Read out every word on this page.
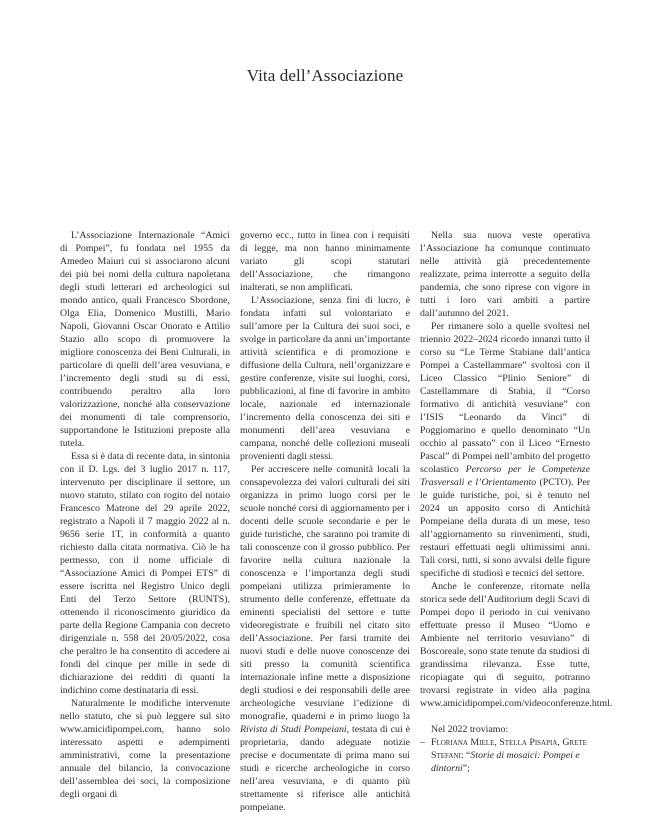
Vita dell’Associazione

L’Associazione Internazionale “Amici di Pompei”, fu fondata nel 1955 da Amedeo Maiuri cui si associarono alcuni dei più bei nomi della cultura napoletana degli studi letterari ed archeologici sul mondo antico, quali Francesco Sbordone, Olga Elia, Domenico Mustilli, Mario Napoli, Giovanni Oscar Onorato e Attilio Stazio allo scopo di promuovere la migliore conoscenza dei Beni Culturali, in particolare di quelli dell’area vesuviana, e l’incremento degli studi su di essi, contribuendo peraltro alla loro valorizzazione, nonché alla conservazione dei monumenti di tale comprensorio, supportandone le Istituzioni preposte alla tutela.

Essa si è data di recente data, in sintonia con il D. Lgs. del 3 luglio 2017 n. 117, intervenuto per disciplinare il settore, un nuovo statuto, stilato con rogito del notaio Francesco Matrone del 29 aprile 2022, registrato a Napoli il 7 maggio 2022 al n. 9656 serie 1T, in conformità a quanto richiesto dalla citata normativa. Ciò le ha permesso, con il nome ufficiale di “Associazione Amici di Pompei ETS” di essere iscritta nel Registro Unico degli Enti del Terzo Settore (RUNTS), ottenendo il riconoscimento giuridico da parte della Regione Campania con decreto dirigenziale n. 558 del 20/05/2022, cosa che peraltro le ha consentito di accedere ai fondi del cinque per mille in sede di dichiarazione dei redditi di quanti la indichino come destinataria di essi.

Naturalmente le modifiche intervenute nello statuto, che si può leggere sul sito www.amicidipompei.com, hanno solo interessato aspetti e adempimenti amministrativi, come la presentazione annuale del bilancio, la convocazione dell’assemblea dei soci, la composizione degli organi di

governo ecc., tutto in linea con i requisiti di legge, ma non hanno minimamente variato gli scopi statutari dell’Associazione, che rimangono inalterati, se non amplificati.

L’Associazione, senza fini di lucro, è fondata infatti sul volontariato e sull’amore per la Cultura dei suoi soci, e svolge in particolare da anni un’importante attività scientifica e di promozione e diffusione della Cultura, nell’organizzare e gestire conferenze, visite sui luoghi, corsi, pubblicazioni, al fine di favorire in ambito locale, nazionale ed internazionale l’incremento della conoscenza dei siti e monumenti dell’area vesuviana e campana, nonché delle collezioni museali provenienti dagli stessi.

Per accrescere nelle comunità locali la consapevolezza dei valori culturali dei siti organizza in primo luogo corsi per le scuole nonché corsi di aggiornamento per i docenti delle scuole secondarie e per le guide turistiche, che saranno poi tramite di tali conoscenze con il grosso pubblico. Per favorire nella cultura nazionale la conoscenza e l’importanza degli studi pompeiani utilizza primieramente lo strumento delle conferenze, effettuate da eminenti specialisti del settore e tutte videoregistrate e fruibili nel citato sito dell’Associazione. Per farsi tramite dei nuovi studi e delle nuove conoscenze dei siti presso la comunità scientifica internazionale infine mette a disposizione degli studiosi e dei responsabili delle aree archeologiche vesuviane l’edizione di monografie, quaderni e in primo luogo la Rivista di Studi Pompeiani, testata di cui è proprietaria, dando adeguate notizie precise e documentate di prima mano sui studi e ricerche archeologiche in corso nell’area vesuviana, e di quanto più strettamente si riferisce alle antichità pompeiane.

Nella sua nuova veste operativa l’Associazione ha comunque continuato nelle attività già precedentemente realizzate, prima interrotte a seguito della pandemia, che sono riprese con vigore in tutti i loro vari ambiti a partire dall’autunno del 2021.

Per rimanere solo a quelle svoltesi nel triennio 2022–2024 ricordo innanzi tutto il corso su “Le Terme Stabiane dall’antica Pompei a Castellammare” svoltosi con il Liceo Classico “Plinio Seniore” di Castellammare di Stabia, il “Corso formativo di antichità vesuviane” con l’ISIS “Leonardo da Vinci” di Poggiomarino e quello denominato “Un occhio al passato” con il Liceo “Ernesto Pascal” di Pompei nell’ambito del progetto scolastico Percorso per le Competenze Trasversali e l’Orientamento (PCTO). Per le guide turistiche, poi, si è tenuto nel 2024 un apposito corso di Antichità Pompeiane della durata di un mese, teso all’aggiornamento su rinvenimenti, studi, restauri effettuati negli ultimissimi anni. Tali corsi, tutti, si sono avvalsi delle figure specifiche di studiosi e tecnici del settore.

Anche le conferenze, ritornate nella storica sede dell’Auditorium degli Scavi di Pompei dopo il periodo in cui venivano effettuate presso il Museo “Uomo e Ambiente nel territorio vesuviano” di Boscoreale, sono state tenute da studiosi di grandissima rilevanza. Esse tutte, ricopiagate qui di seguito, potranno trovarsi registrate in video alla pagina www.amicidipompei.com/videoconferenze.html.

Nel 2022 troviamo:

– Floriana Miele, Stella Pisapia, Grete Stefani: “Storie di mosaici: Pompei e dintorni”;
